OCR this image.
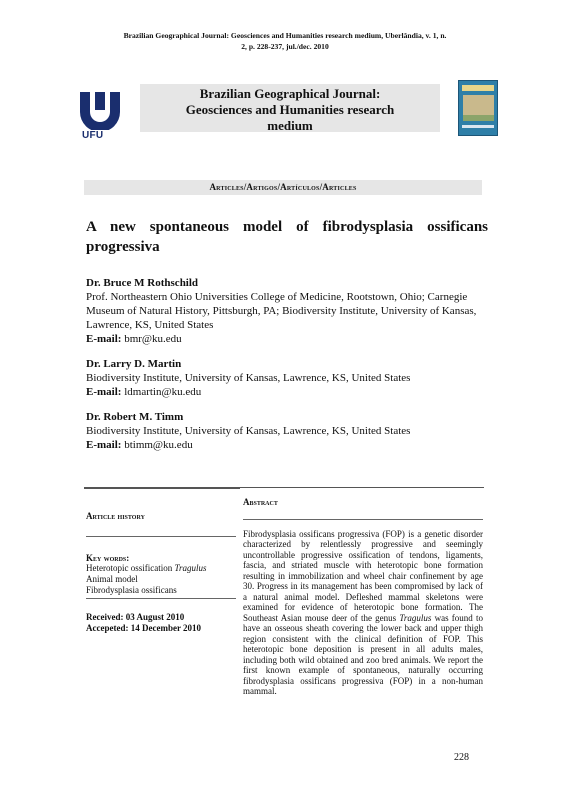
Brazilian Geographical Journal: Geosciences and Humanities research medium, Uberlândia, v. 1, n.
2, p. 228-237, jul./dec. 2010
UFU
Brazilian Geographical Journal:
Geosciences and Humanities research
medium
Articles/Artigos/Artículos/Articles
A new spontaneous model of fibrodysplasia ossificans progressiva
Dr. Bruce M Rothschild
Prof. Northeastern Ohio Universities College of Medicine, Rootstown, Ohio; Carnegie Museum of Natural History, Pittsburgh, PA; Biodiversity Institute, University of Kansas, Lawrence, KS, United States
E-mail: bmr@ku.edu
Dr. Larry D. Martin
Biodiversity Institute, University of Kansas, Lawrence, KS, United States
E-mail: ldmartin@ku.edu
Dr. Robert M. Timm
Biodiversity Institute, University of Kansas, Lawrence, KS, United States
E-mail: btimm@ku.edu
Article history
Key words:
Heterotopic ossification Tragulus
Animal model
Fibrodysplasia ossificans
Received: 03 August 2010
Accepeted: 14 December 2010
Abstract
Fibrodysplasia ossificans progressiva (FOP) is a genetic disorder characterized by relentlessly progressive and seemingly uncontrollable progressive ossification of tendons, ligaments, fascia, and striated muscle with heterotopic bone formation resulting in immobilization and wheel chair confinement by age 30. Progress in its management has been compromised by lack of a natural animal model. Defleshed mammal skeletons were examined for evidence of heterotopic bone formation. The Southeast Asian mouse deer of the genus Tragulus was found to have an osseous sheath covering the lower back and upper thigh region consistent with the clinical definition of FOP. This heterotopic bone deposition is present in all adults males, including both wild obtained and zoo bred animals. We report the first known example of spontaneous, naturally occurring fibrodysplasia ossificans progressiva (FOP) in a non-human mammal.
228
